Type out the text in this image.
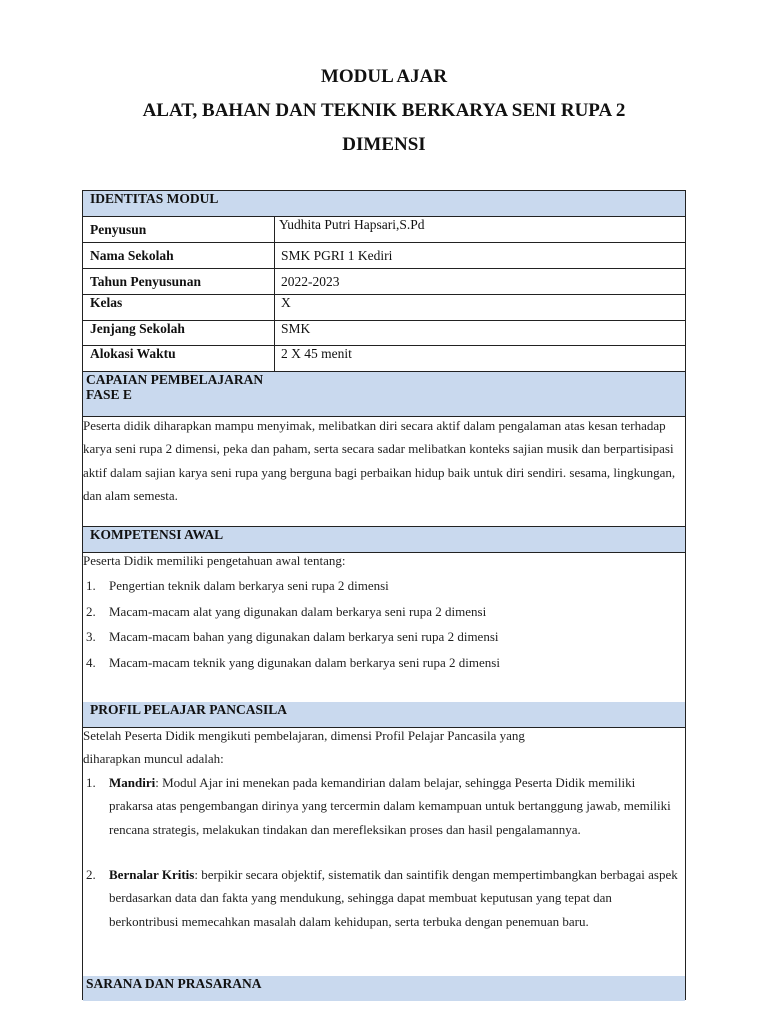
MODUL AJAR
ALAT, BAHAN DAN TEKNIK BERKARYA SENI RUPA 2
DIMENSI
IDENTITAS MODUL
Penyusun	Yudhita Putri Hapsari,S.Pd
Nama Sekolah	SMK PGRI 1 Kediri
Tahun Penyusunan	2022-2023
Kelas	X
Jenjang Sekolah	SMK
Alokasi Waktu	2 X 45 menit
CAPAIAN PEMBELAJARAN
FASE E
Peserta didik diharapkan mampu menyimak, melibatkan diri secara aktif dalam pengalaman atas kesan terhadap karya seni rupa 2 dimensi, peka dan paham, serta secara sadar melibatkan konteks sajian musik dan berpartisipasi aktif dalam sajian karya seni rupa yang berguna bagi perbaikan hidup baik untuk diri sendiri. sesama, lingkungan, dan alam semesta.
KOMPETENSI AWAL
Peserta Didik memiliki pengetahuan awal tentang:
1. Pengertian teknik dalam berkarya seni rupa 2 dimensi
2. Macam-macam alat yang digunakan dalam berkarya seni rupa 2 dimensi
3. Macam-macam bahan yang digunakan dalam berkarya seni rupa 2 dimensi
4. Macam-macam teknik yang digunakan dalam berkarya seni rupa 2 dimensi
PROFIL PELAJAR PANCASILA
Setelah Peserta Didik mengikuti pembelajaran, dimensi Profil Pelajar Pancasila yang
diharapkan muncul adalah:
1. Mandiri: Modul Ajar ini menekan pada kemandirian dalam belajar, sehingga Peserta Didik memiliki prakarsa atas pengembangan dirinya yang tercermin dalam kemampuan untuk bertanggung jawab, memiliki rencana strategis, melakukan tindakan dan merefleksikan proses dan hasil pengalamannya.
2. Bernalar Kritis: berpikir secara objektif, sistematik dan saintifik dengan mempertimbangkan berbagai aspek berdasarkan data dan fakta yang mendukung, sehingga dapat membuat keputusan yang tepat dan berkontribusi memecahkan masalah dalam kehidupan, serta terbuka dengan penemuan baru.
SARANA DAN PRASARANA
